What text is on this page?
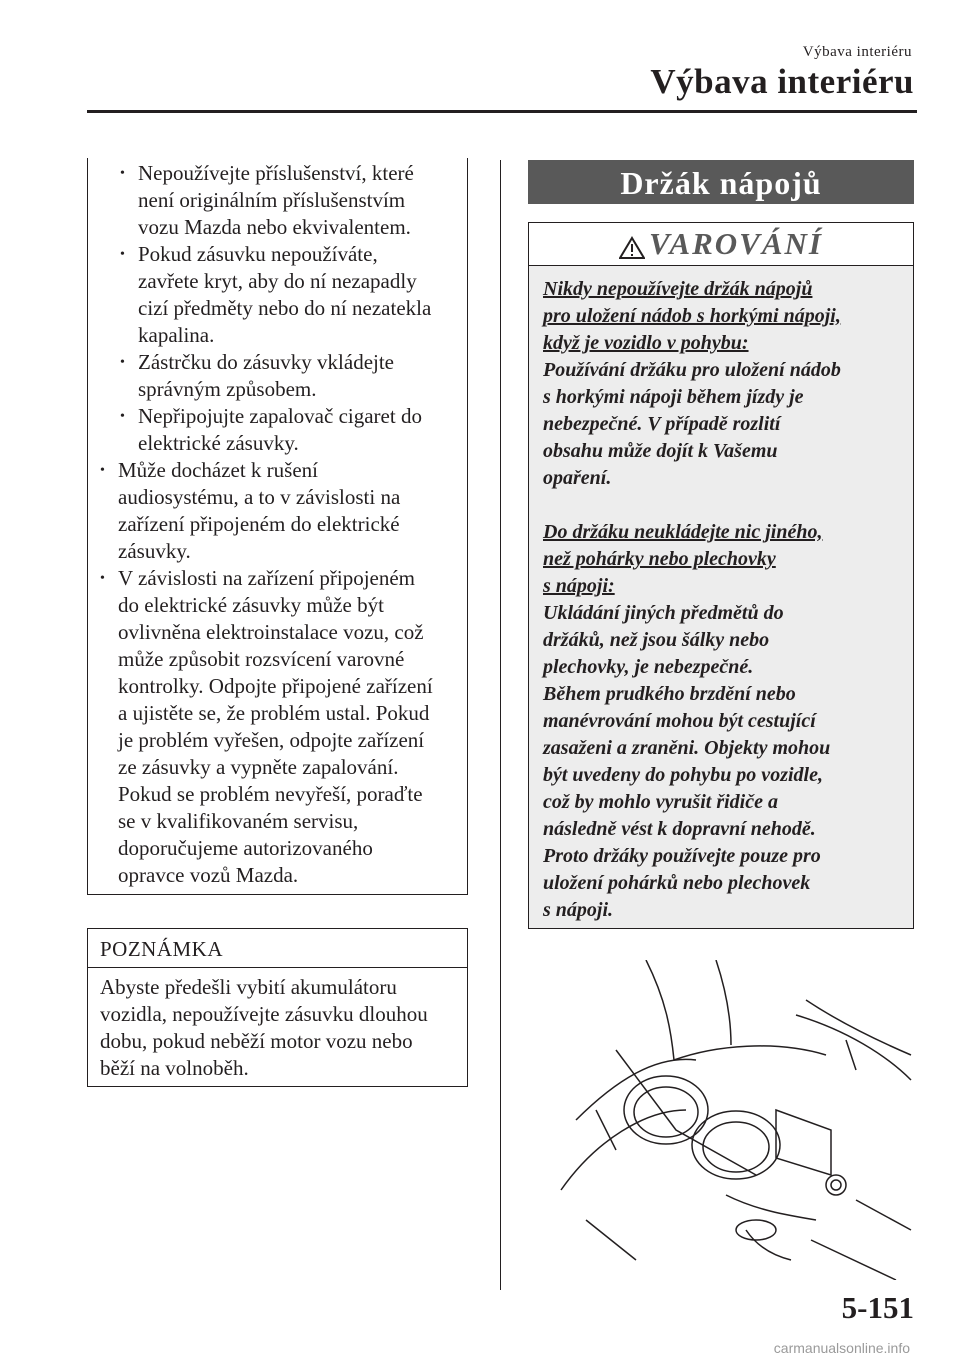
Výbava interiéru
Výbava interiéru
• Nepoužívejte příslušenství, které
není originálním příslušenstvím
vozu Mazda nebo ekvivalentem.
• Pokud zásuvku nepoužíváte,
zavřete kryt, aby do ní nezapadly
cizí předměty nebo do ní nezatekla
kapalina.
• Zástrčku do zásuvky vkládejte
správným způsobem.
• Nepřipojujte zapalovač cigaret do
elektrické zásuvky.
• Může docházet k rušení
audiosystému, a to v závislosti na
zařízení připojeném do elektrické
zásuvky.
• V závislosti na zařízení připojeném
do elektrické zásuvky může být
ovlivněna elektroinstalace vozu, což
může způsobit rozsvícení varovné
kontrolky. Odpojte připojené zařízení
a ujistěte se, že problém ustal. Pokud
je problém vyřešen, odpojte zařízení
ze zásuvky a vypněte zapalování.
Pokud se problém nevyřeší, poraďte
se v kvalifikovaném servisu,
doporučujeme autorizovaného
opravce vozů Mazda.
POZNÁMKA
Abyste předešli vybití akumulátoru
vozidla, nepoužívejte zásuvku dlouhou
dobu, pokud neběží motor vozu nebo
běží na volnoběh.
Držák nápojů
VAROVÁNÍ
Nikdy nepoužívejte držák nápojů
pro uložení nádob s horkými nápoji,
když je vozidlo v pohybu:
Používání držáku pro uložení nádob
s horkými nápoji během jízdy je
nebezpečné. V případě rozlití
obsahu může dojít k Vašemu
opaření.
Do držáku neukládejte nic jiného,
než pohárky nebo plechovky
s nápoji:
Ukládání jiných předmětů do
držáků, než jsou šálky nebo
plechovky, je nebezpečné.
Během prudkého brzdění nebo
manévrování mohou být cestující
zasaženi a zraněni. Objekty mohou
být uvedeny do pohybu po vozidle,
což by mohlo vyrušit řidiče a
následně vést k dopravní nehodě.
Proto držáky používejte pouze pro
uložení pohárků nebo plechovek
s nápoji.
5-151
carmanualsonline.info
